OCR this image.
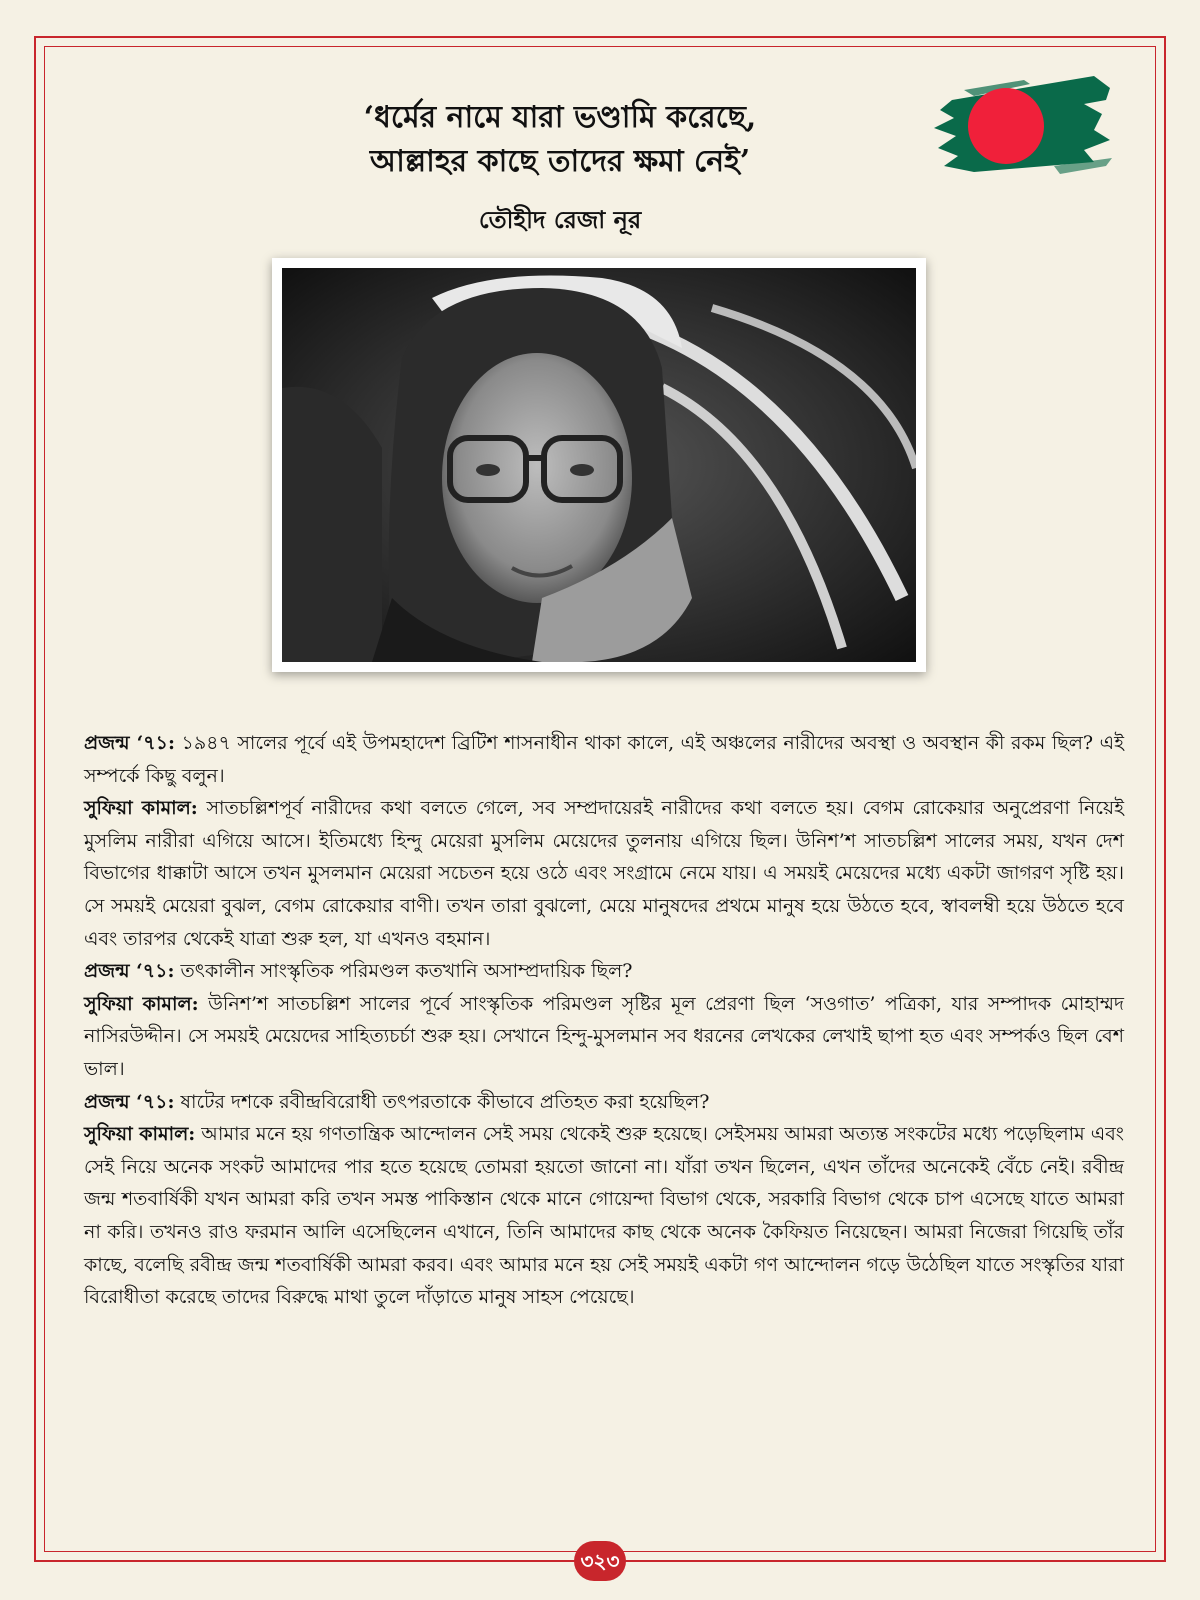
‘ধর্মের নামে যারা ভণ্ডামি করেছে,
আল্লাহর কাছে তাদের ক্ষমা নেই’
তৌহীদ রেজা নূর

প্রজন্ম ‘৭১: ১৯৪৭ সালের পূর্বে এই উপমহাদেশ ব্রিটিশ শাসনাধীন থাকা কালে, এই অঞ্চলের নারীদের অবস্থা ও অবস্থান কী রকম ছিল? এই সম্পর্কে কিছু বলুন।

সুফিয়া কামাল: সাতচল্লিশপূর্ব নারীদের কথা বলতে গেলে, সব সম্প্রদায়েরই নারীদের কথা বলতে হয়। বেগম রোকেয়ার অনুপ্রেরণা নিয়েই মুসলিম নারীরা এগিয়ে আসে। ইতিমধ্যে হিন্দু মেয়েরা মুসলিম মেয়েদের তুলনায় এগিয়ে ছিল। উনিশ’শ সাতচল্লিশ সালের সময়, যখন দেশ বিভাগের ধাক্কাটা আসে তখন মুসলমান মেয়েরা সচেতন হয়ে ওঠে এবং সংগ্রামে নেমে যায়। এ সময়ই মেয়েদের মধ্যে একটা জাগরণ সৃষ্টি হয়। সে সময়ই মেয়েরা বুঝল, বেগম রোকেয়ার বাণী। তখন তারা বুঝলো, মেয়ে মানুষদের প্রথমে মানুষ হয়ে উঠতে হবে, স্বাবলম্বী হয়ে উঠতে হবে এবং তারপর থেকেই যাত্রা শুরু হল, যা এখনও বহমান।

প্রজন্ম ‘৭১: তৎকালীন সাংস্কৃতিক পরিমণ্ডল কতখানি অসাম্প্রদায়িক ছিল?

সুফিয়া কামাল: উনিশ’শ সাতচল্লিশ সালের পূর্বে সাংস্কৃতিক পরিমণ্ডল সৃষ্টির মূল প্রেরণা ছিল ‘সওগাত’ পত্রিকা, যার সম্পাদক মোহাম্মদ নাসিরউদ্দীন। সে সময়ই মেয়েদের সাহিত্যচর্চা শুরু হয়। সেখানে হিন্দু-মুসলমান সব ধরনের লেখকের লেখাই ছাপা হত এবং সম্পর্কও ছিল বেশ ভাল।

প্রজন্ম ‘৭১: ষাটের দশকে রবীন্দ্রবিরোধী তৎপরতাকে কীভাবে প্রতিহত করা হয়েছিল?

সুফিয়া কামাল: আমার মনে হয় গণতান্ত্রিক আন্দোলন সেই সময় থেকেই শুরু হয়েছে। সেইসময় আমরা অত্যন্ত সংকটের মধ্যে পড়েছিলাম এবং সেই নিয়ে অনেক সংকট আমাদের পার হতে হয়েছে তোমরা হয়তো জানো না। যাঁরা তখন ছিলেন, এখন তাঁদের অনেকেই বেঁচে নেই। রবীন্দ্র জন্ম শতবার্ষিকী যখন আমরা করি তখন সমস্ত পাকিস্তান থেকে মানে গোয়েন্দা বিভাগ থেকে, সরকারি বিভাগ থেকে চাপ এসেছে যাতে আমরা না করি। তখনও রাও ফরমান আলি এসেছিলেন এখানে, তিনি আমাদের কাছ থেকে অনেক কৈফিয়ত নিয়েছেন। আমরা নিজেরা গিয়েছি তাঁর কাছে, বলেছি রবীন্দ্র জন্ম শতবার্ষিকী আমরা করব। এবং আমার মনে হয় সেই সময়ই একটা গণ আন্দোলন গড়ে উঠেছিল যাতে সংস্কৃতির যারা বিরোধীতা করেছে তাদের বিরুদ্ধে মাথা তুলে দাঁড়াতে মানুষ সাহস পেয়েছে।

৩২৩
